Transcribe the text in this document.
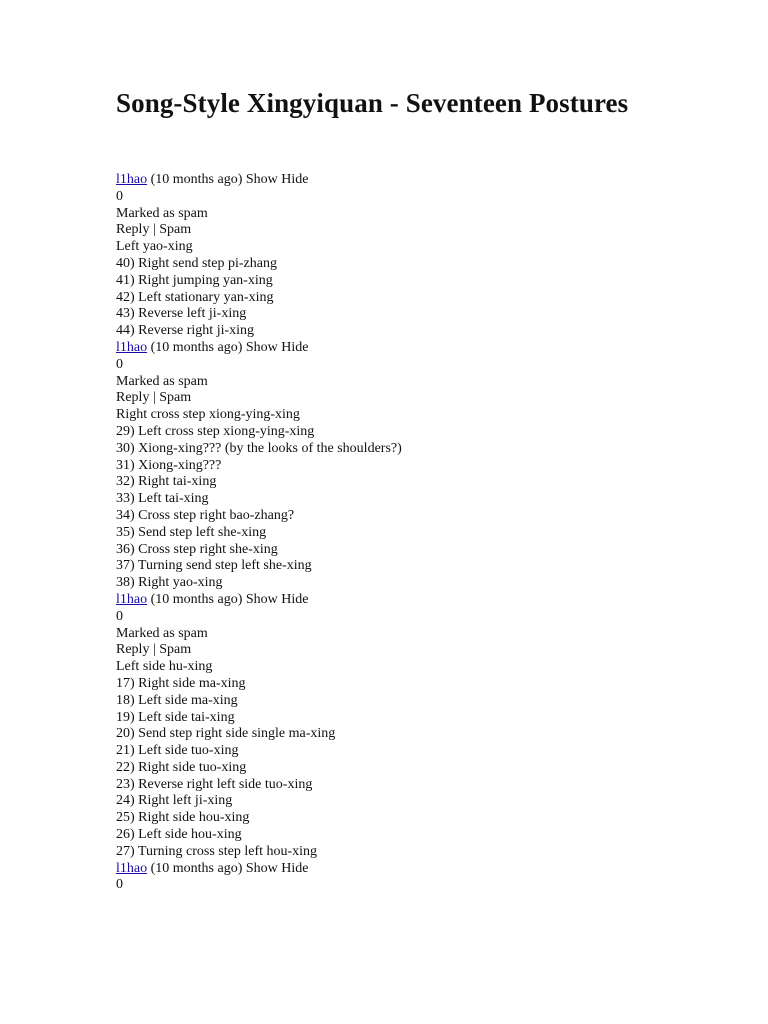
Song-Style Xingyiquan - Seventeen Postures
l1hao (10 months ago) Show Hide
0
Marked as spam
Reply | Spam
Left yao-xing
40) Right send step pi-zhang
41) Right jumping yan-xing
42) Left stationary yan-xing
43) Reverse left ji-xing
44) Reverse right ji-xing
l1hao (10 months ago) Show Hide
0
Marked as spam
Reply | Spam
Right cross step xiong-ying-xing
29) Left cross step xiong-ying-xing
30) Xiong-xing??? (by the looks of the shoulders?)
31) Xiong-xing???
32) Right tai-xing
33) Left tai-xing
34) Cross step right bao-zhang?
35) Send step left she-xing
36) Cross step right she-xing
37) Turning send step left she-xing
38) Right yao-xing
l1hao (10 months ago) Show Hide
0
Marked as spam
Reply | Spam
Left side hu-xing
17) Right side ma-xing
18) Left side ma-xing
19) Left side tai-xing
20) Send step right side single ma-xing
21) Left side tuo-xing
22) Right side tuo-xing
23) Reverse right left side tuo-xing
24) Right left ji-xing
25) Right side hou-xing
26) Left side hou-xing
27) Turning cross step left hou-xing
l1hao (10 months ago) Show Hide
0
